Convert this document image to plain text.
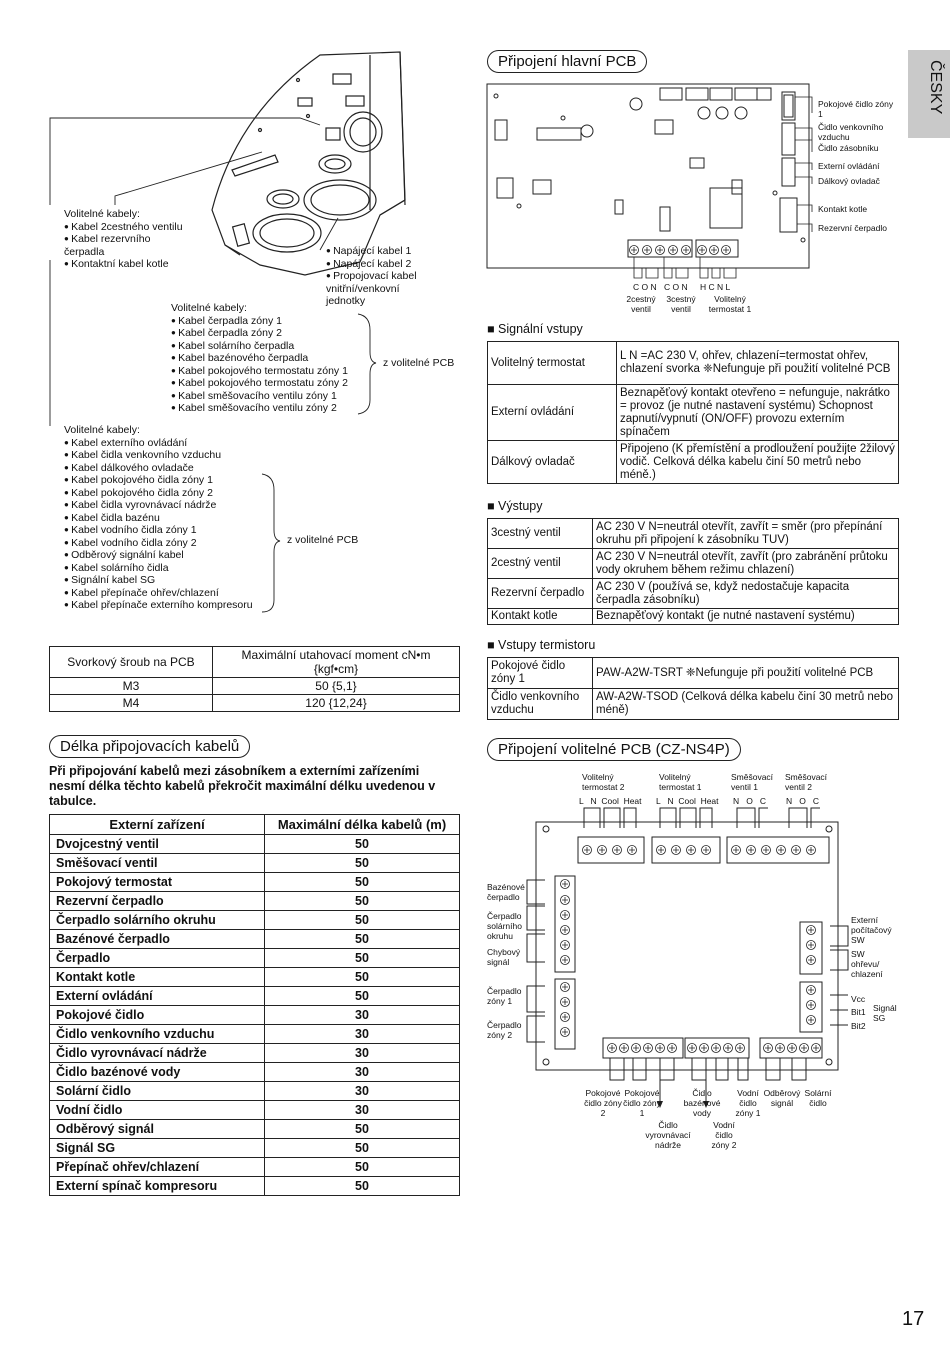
ČESKY
Volitelné kabely:
● Kabel 2cestného ventilu
● Kabel rezervního čerpadla
● Kontaktní kabel kotle
● Napájecí kabel 1
● Napájecí kabel 2
● Propojovací kabel vnitřní/venkovní jednotky
Volitelné kabely:
● Kabel čerpadla zóny 1
● Kabel čerpadla zóny 2
● Kabel solárního čerpadla
● Kabel bazénového čerpadla
● Kabel pokojového termostatu zóny 1
● Kabel pokojového termostatu zóny 2
● Kabel směšovacího ventilu zóny 1
● Kabel směšovacího ventilu zóny 2
z volitelné PCB
Volitelné kabely:
● Kabel externího ovládání
● Kabel čidla venkovního vzduchu
● Kabel dálkového ovladače
● Kabel pokojového čidla zóny 1
● Kabel pokojového čidla zóny 2
● Kabel čidla vyrovnávací nádrže
● Kabel čidla bazénu
● Kabel vodního čidla zóny 1
● Kabel vodního čidla zóny 2
● Odběrový signální kabel
● Kabel solárního čidla
● Signální kabel SG
● Kabel přepínače ohřev/chlazení
● Kabel přepínače externího kompresoru
z volitelné PCB
Svorkový šroub na PCB	Maximální utahovací moment cN•m {kgf•cm}
M3	50 {5,1}
M4	120 {12,24}
Délka připojovacích kabelů
Při připojování kabelů mezi zásobníkem a externími zařízeními nesmí délka těchto kabelů překročit maximální délku uvedenou v tabulce.
Externí zařízení	Maximální délka kabelů (m)
Dvojcestný ventil	50
Směšovací ventil	50
Pokojový termostat	50
Rezervní čerpadlo	50
Čerpadlo solárního okruhu	50
Bazénové čerpadlo	50
Čerpadlo	50
Kontakt kotle	50
Externí ovládání	50
Pokojové čidlo	30
Čidlo venkovního vzduchu	30
Čidlo vyrovnávací nádrže	30
Čidlo bazénové vody	30
Solární čidlo	30
Vodní čidlo	30
Odběrový signál	50
Signál SG	50
Přepínač ohřev/chlazení	50
Externí spínač kompresoru	50
Připojení hlavní PCB
Pokojové čidlo zóny 1
Čidlo venkovního vzduchu
Čidlo zásobníku
Externí ovládání
Dálkový ovladač
Kontakt kotle
Rezervní čerpadlo
C O N C O N H C N L
2cestný ventil
3cestný ventil
Volitelný termostat 1
■ Signální vstupy
Volitelný termostat	L N =AC 230 V, ohřev, chlazení=termostat ohřev, chlazení svorka ❈Nefunguje při použití volitelné PCB
Externí ovládání	Beznapěťový kontakt otevřeno = nefunguje, nakrátko = provoz (je nutné nastavení systému) Schopnost zapnutí/vypnutí (ON/OFF) provozu externím spínačem
Dálkový ovladač	Připojeno (K přemístění a prodloužení použijte 2žilový vodič. Celková délka kabelu činí 50 metrů nebo méně.)
■ Výstupy
3cestný ventil	AC 230 V N=neutrál otevřít, zavřít = směr (pro přepínání okruhu při připojení k zásobníku TUV)
2cestný ventil	AC 230 V N=neutrál otevřít, zavřít (pro zabránění průtoku vody okruhem během režimu chlazení)
Rezervní čerpadlo	AC 230 V (používá se, když nedostačuje kapacita čerpadla zásobníku)
Kontakt kotle	Beznapěťový kontakt (je nutné nastavení systému)
■ Vstupy termistoru
Pokojové čidlo zóny 1	PAW-A2W-TSRT ❈Nefunguje při použití volitelné PCB
Čidlo venkovního vzduchu	AW-A2W-TSOD (Celková délka kabelu činí 30 metrů nebo méně)
Připojení volitelné PCB (CZ-NS4P)
Volitelný termostat 2
Volitelný termostat 1
Směšovací ventil 1
Směšovací ventil 2
L   N  Cool  Heat L   N  Cool  Heat N   O   C N   O   C
Bazénové čerpadlo
Čerpadlo solárního okruhu
Chybový signál
Čerpadlo zóny 1
Čerpadlo zóny 2
Externí počítačový SW
SW ohřevu/ chlazení
Vcc
Bit1
Bit2
Signál SG
Pokojové čidlo zóny 2
Pokojové čidlo zóny 1
Čidlo vyrovnávací nádrže
Čidlo bazénové vody
Vodní čidlo zóny 1
Vodní čidlo zóny 2
Odběrový signál
Solární čidlo
17
